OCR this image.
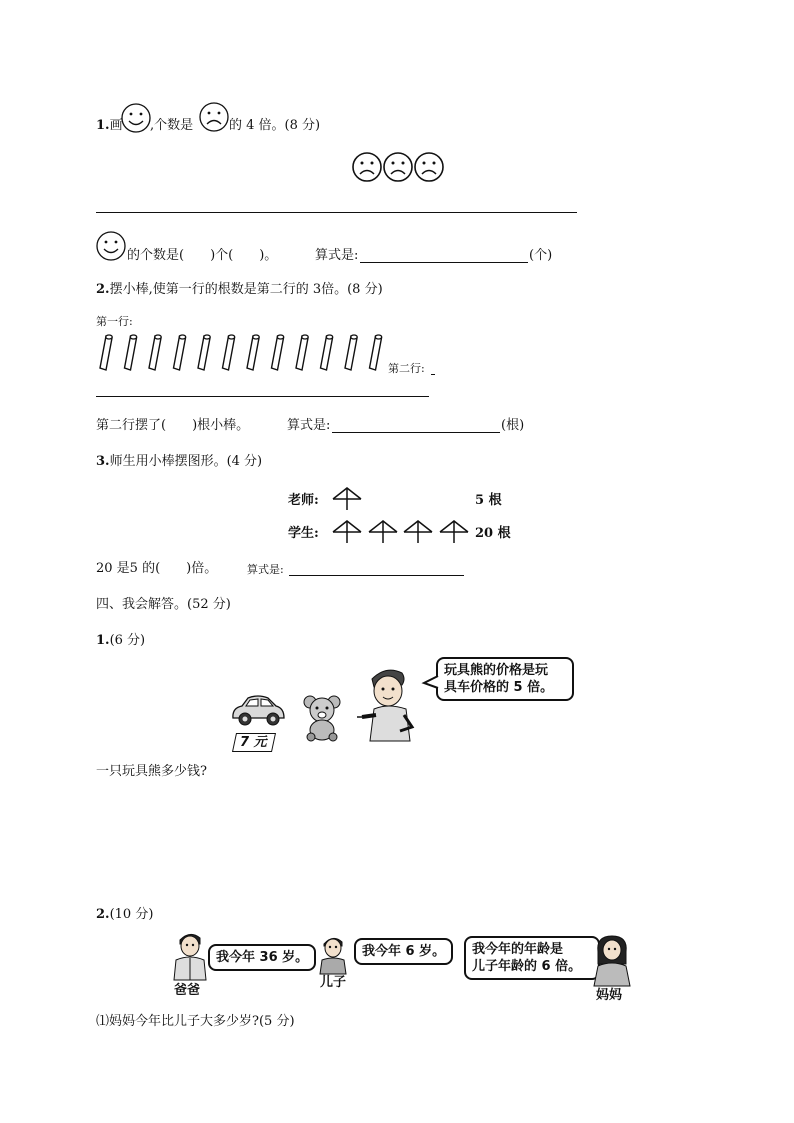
1.画 ,个数是	的 4 倍。(8 分)
的个数是(　　)个(　　)。	算式是:	(个)
2.摆小棒,使第一行的根数是第二行的 3倍。(8 分)
第一行:
第二行:
第二行摆了(　　)根小棒。	算式是:	(根)
3.师生用小棒摆图形。(4 分)
老师:	5 根
学生:	20 根
20 是5 的(　　)倍。	算式是:
四、我会解答。(52 分)
1.(6 分)
7 元
玩具熊的价格是玩
具车价格的 5 倍。
一只玩具熊多少钱?
2.(10 分)
我今年 36 岁。
爸爸
我今年 6 岁。
儿子
我今年的年龄是
儿子年龄的 6 倍。
妈妈
⑴妈妈今年比儿子大多少岁?(5 分)
